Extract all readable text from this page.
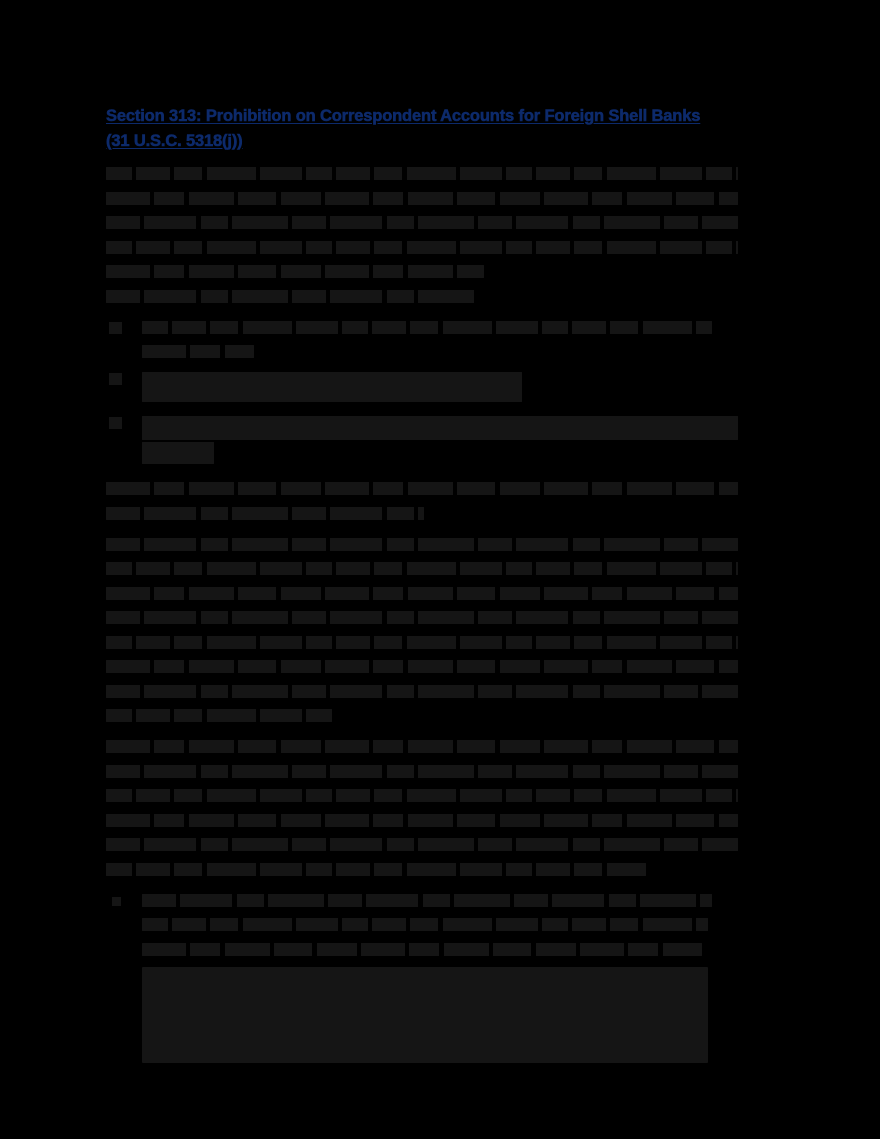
Section 313: Prohibition on Correspondent Accounts for Foreign Shell Banks (31 U.S.C. 5318(j))
